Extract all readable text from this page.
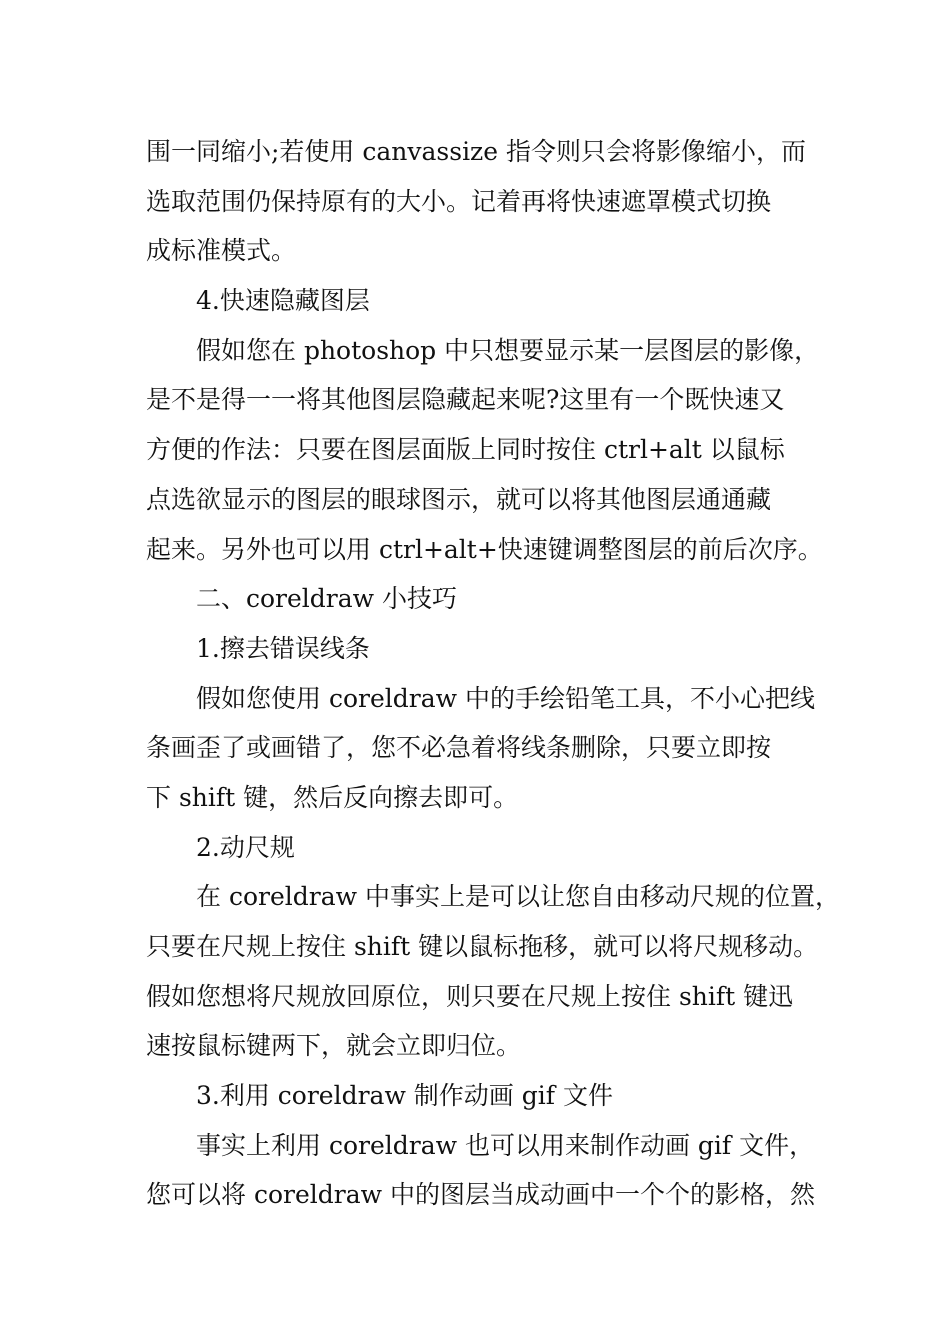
围一同缩小;若使用 canvassize 指令则只会将影像缩小，而
选取范围仍保持原有的大小。记着再将快速遮罩模式切换
成标准模式。
4.快速隐藏图层
假如您在 photoshop 中只想要显示某一层图层的影像，
是不是得一一将其他图层隐藏起来呢?这里有一个既快速又
方便的作法：只要在图层面版上同时按住 ctrl+alt 以鼠标
点选欲显示的图层的眼球图示，就可以将其他图层通通藏
起来。另外也可以用 ctrl+alt+快速键调整图层的前后次序。
二、coreldraw 小技巧
1.擦去错误线条
假如您使用 coreldraw 中的手绘铅笔工具，不小心把线
条画歪了或画错了，您不必急着将线条删除，只要立即按
下 shift 键，然后反向擦去即可。
2.动尺规
在 coreldraw 中事实上是可以让您自由移动尺规的位置，
只要在尺规上按住 shift 键以鼠标拖移，就可以将尺规移动。
假如您想将尺规放回原位，则只要在尺规上按住 shift 键迅
速按鼠标键两下，就会立即归位。
3.利用 coreldraw 制作动画 gif 文件
事实上利用 coreldraw 也可以用来制作动画 gif 文件，
您可以将 coreldraw 中的图层当成动画中一个个的影格，然
